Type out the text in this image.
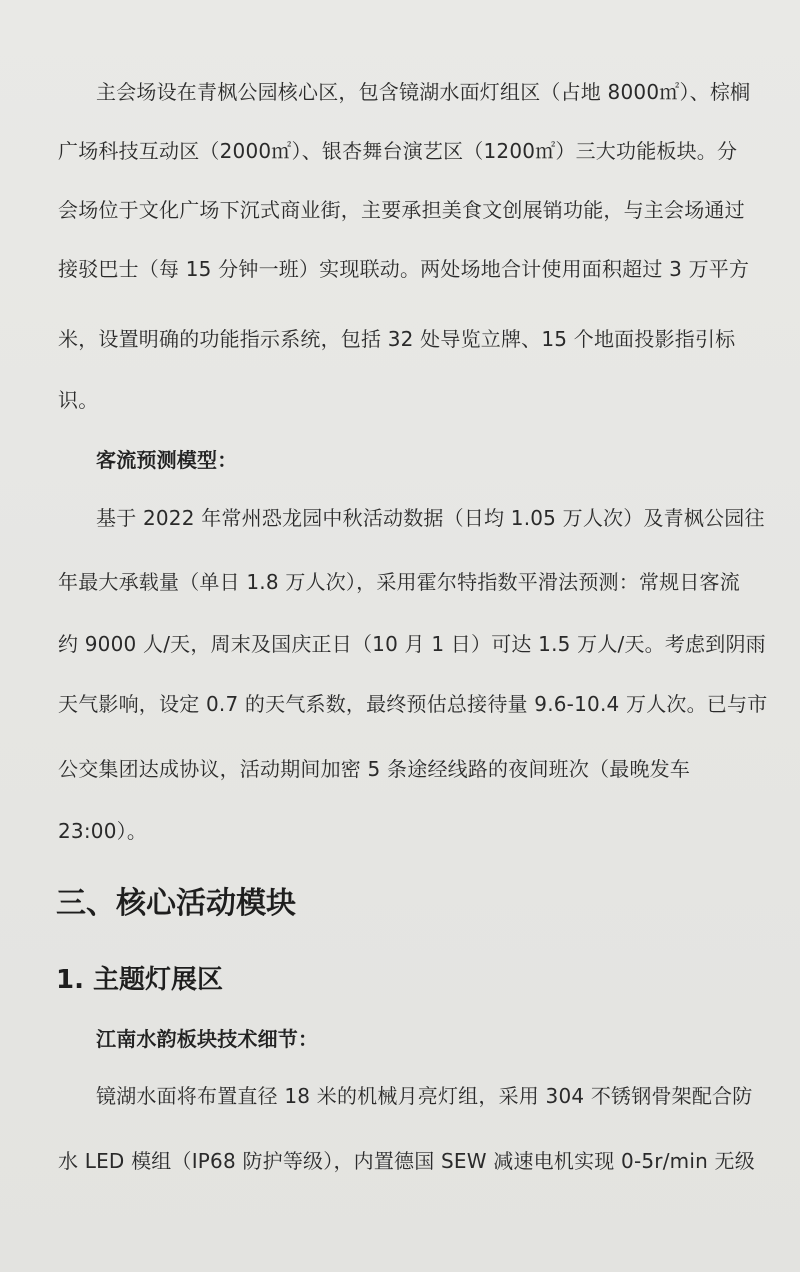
主会场设在青枫公园核心区，包含镜湖水面灯组区（占地 8000㎡）、棕榈
广场科技互动区（2000㎡）、银杏舞台演艺区（1200㎡）三大功能板块。分
会场位于文化广场下沉式商业街，主要承担美食文创展销功能，与主会场通过
接驳巴士（每 15 分钟一班）实现联动。两处场地合计使用面积超过 3 万平方
米，设置明确的功能指示系统，包括 32 处导览立牌、15 个地面投影指引标
识。
客流预测模型：
基于 2022 年常州恐龙园中秋活动数据（日均 1.05 万人次）及青枫公园往
年最大承载量（单日 1.8 万人次），采用霍尔特指数平滑法预测：常规日客流
约 9000 人/天，周末及国庆正日（10 月 1 日）可达 1.5 万人/天。考虑到阴雨
天气影响，设定 0.7 的天气系数，最终预估总接待量 9.6-10.4 万人次。已与市
公交集团达成协议，活动期间加密 5 条途经线路的夜间班次（最晚发车
23:00）。
三、核心活动模块
1. 主题灯展区
江南水韵板块技术细节：
镜湖水面将布置直径 18 米的机械月亮灯组，采用 304 不锈钢骨架配合防
水 LED 模组（IP68 防护等级），内置德国 SEW 减速电机实现 0-5r/min 无级
